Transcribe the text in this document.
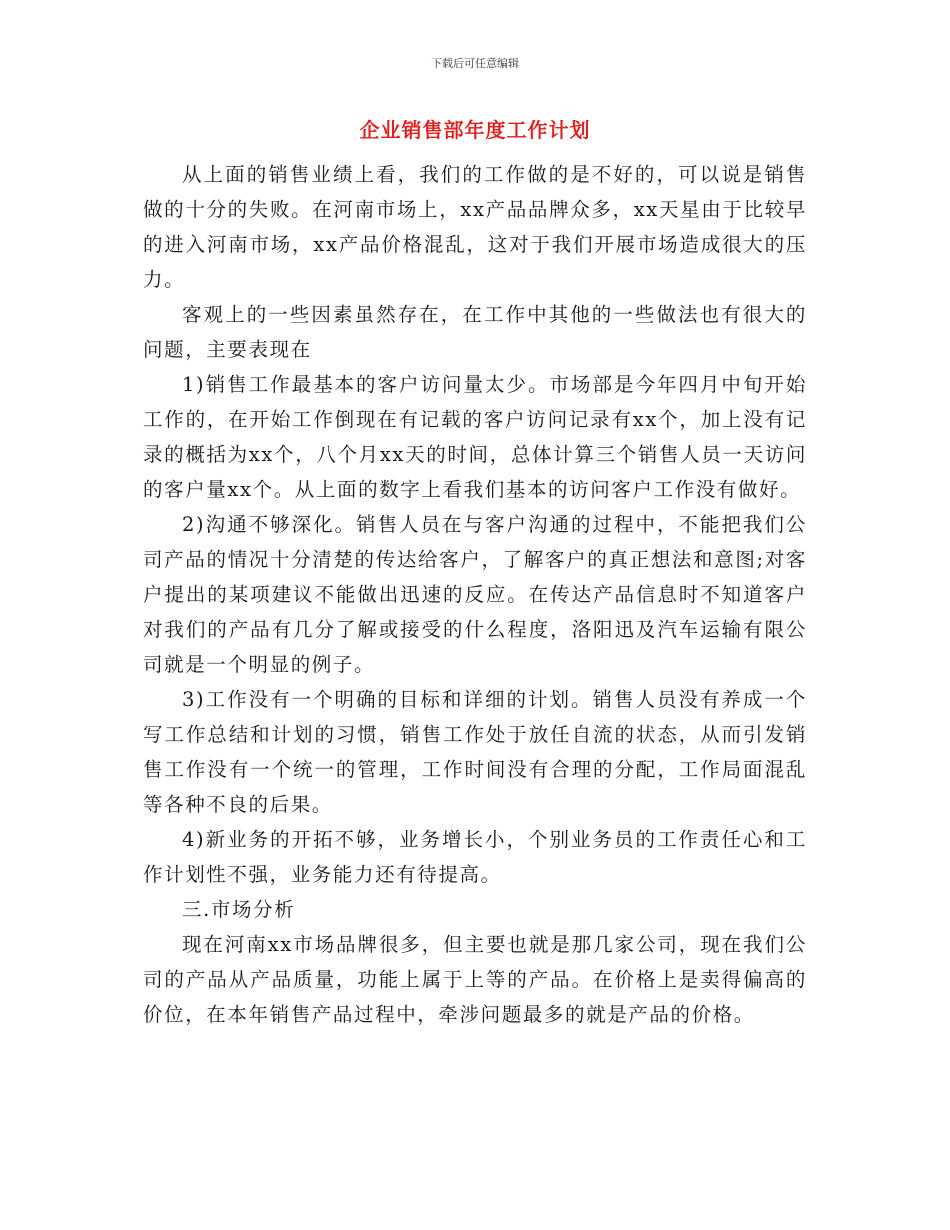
下载后可任意编辑
企业销售部年度工作计划

从上面的销售业绩上看，我们的工作做的是不好的，可以说是销售做的十分的失败。在河南市场上，xx产品品牌众多，xx天星由于比较早的进入河南市场，xx产品价格混乱，这对于我们开展市场造成很大的压力。

客观上的一些因素虽然存在，在工作中其他的一些做法也有很大的问题，主要表现在

1)销售工作最基本的客户访问量太少。市场部是今年四月中旬开始工作的，在开始工作倒现在有记载的客户访问记录有xx个，加上没有记录的概括为xx个，八个月xx天的时间，总体计算三个销售人员一天访问的客户量xx个。从上面的数字上看我们基本的访问客户工作没有做好。

2)沟通不够深化。销售人员在与客户沟通的过程中，不能把我们公司产品的情况十分清楚的传达给客户，了解客户的真正想法和意图;对客户提出的某项建议不能做出迅速的反应。在传达产品信息时不知道客户对我们的产品有几分了解或接受的什么程度，洛阳迅及汽车运输有限公司就是一个明显的例子。

3)工作没有一个明确的目标和详细的计划。销售人员没有养成一个写工作总结和计划的习惯，销售工作处于放任自流的状态，从而引发销售工作没有一个统一的管理，工作时间没有合理的分配，工作局面混乱等各种不良的后果。

4)新业务的开拓不够，业务增长小，个别业务员的工作责任心和工作计划性不强，业务能力还有待提高。

三.市场分析

现在河南xx市场品牌很多，但主要也就是那几家公司，现在我们公司的产品从产品质量，功能上属于上等的产品。在价格上是卖得偏高的价位，在本年销售产品过程中，牵涉问题最多的就是产品的价格。
